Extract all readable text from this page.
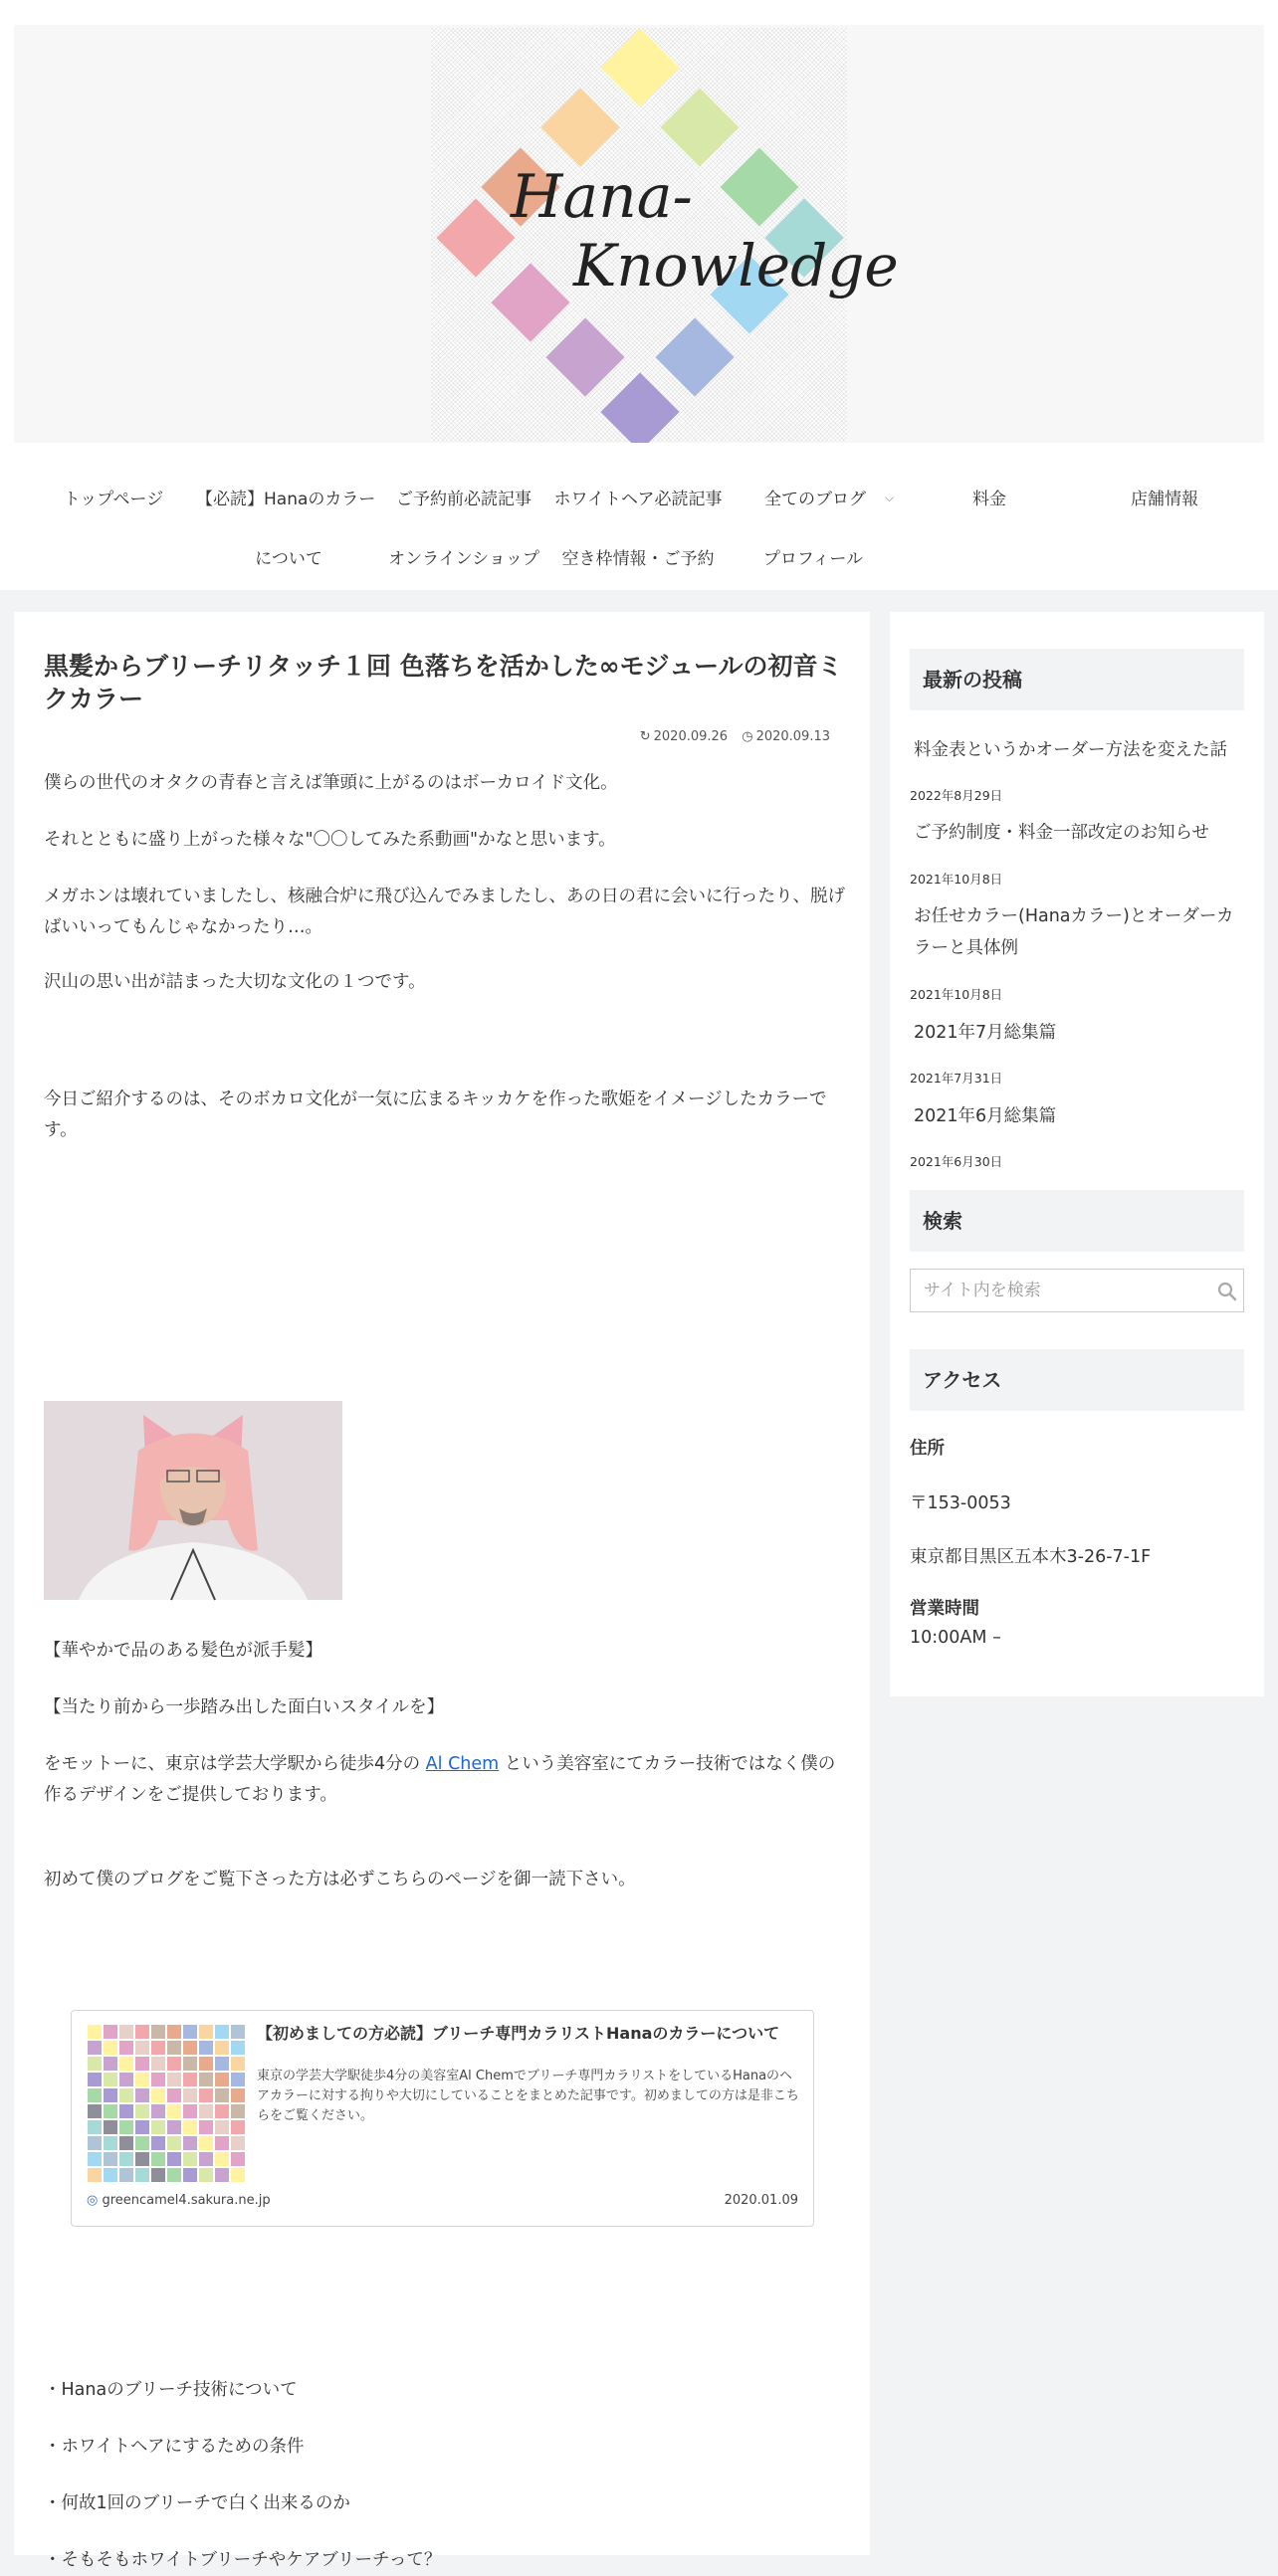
Hana-
Knowledge
トップページ	【必読】Hanaのカラー	ご予約前必読記事	ホワイトヘア必読記事	全てのブログ	⌵	料金	店舗情報
について	オンラインショップ	空き枠情報・ご予約	プロフィール
黒髪からブリーチリタッチ１回 色落ちを活かした∞モジュールの初音ミクカラー
↻ 2020.09.26 ◷ 2020.09.13

僕らの世代のオタクの青春と言えば筆頭に上がるのはボーカロイド文化。

それとともに盛り上がった様々な"〇〇してみた系動画"かなと思います。

メガホンは壊れていましたし、核融合炉に飛び込んでみましたし、あの日の君に会いに行ったり、脱げばいいってもんじゃなかったり…。

沢山の思い出が詰まった大切な文化の１つです。

今日ご紹介するのは、そのボカロ文化が一気に広まるキッカケを作った歌姫をイメージしたカラーです。

【華やかで品のある髪色が派手髪】

【当たり前から一歩踏み出した面白いスタイルを】

をモットーに、東京は学芸大学駅から徒歩4分の Al Chem という美容室にてカラー技術ではなく僕の作るデザインをご提供しております。

初めて僕のブログをご覧下さった方は必ずこちらのページを御一読下さい。

【初めましての方必読】ブリーチ専門カラリストHanaのカラーについて
東京の学芸大学駅徒歩4分の美容室Al Chemでブリーチ専門カラリストをしているHanaのヘアカラーに対する拘りや大切にしていることをまとめた記事です。初めましての方は是非こちらをご覧ください。
◎ greencamel4.sakura.ne.jp	2020.01.09

・Hanaのブリーチ技術について

・ホワイトヘアにするための条件

・何故1回のブリーチで白く出来るのか

・そもそもホワイトブリーチやケアブリーチって？

最新の投稿
料金表というかオーダー方法を変えた話
2022年8月29日
ご予約制度・料金一部改定のお知らせ
2021年10月8日
お任せカラー(Hanaカラー)とオーダーカラーと具体例
2021年10月8日
2021年7月総集篇
2021年7月31日
2021年6月総集篇
2021年6月30日
検索
サイト内を検索
アクセス
住所
〒153-0053
東京都目黒区五本木3-26-7-1F
営業時間
10:00AM –
